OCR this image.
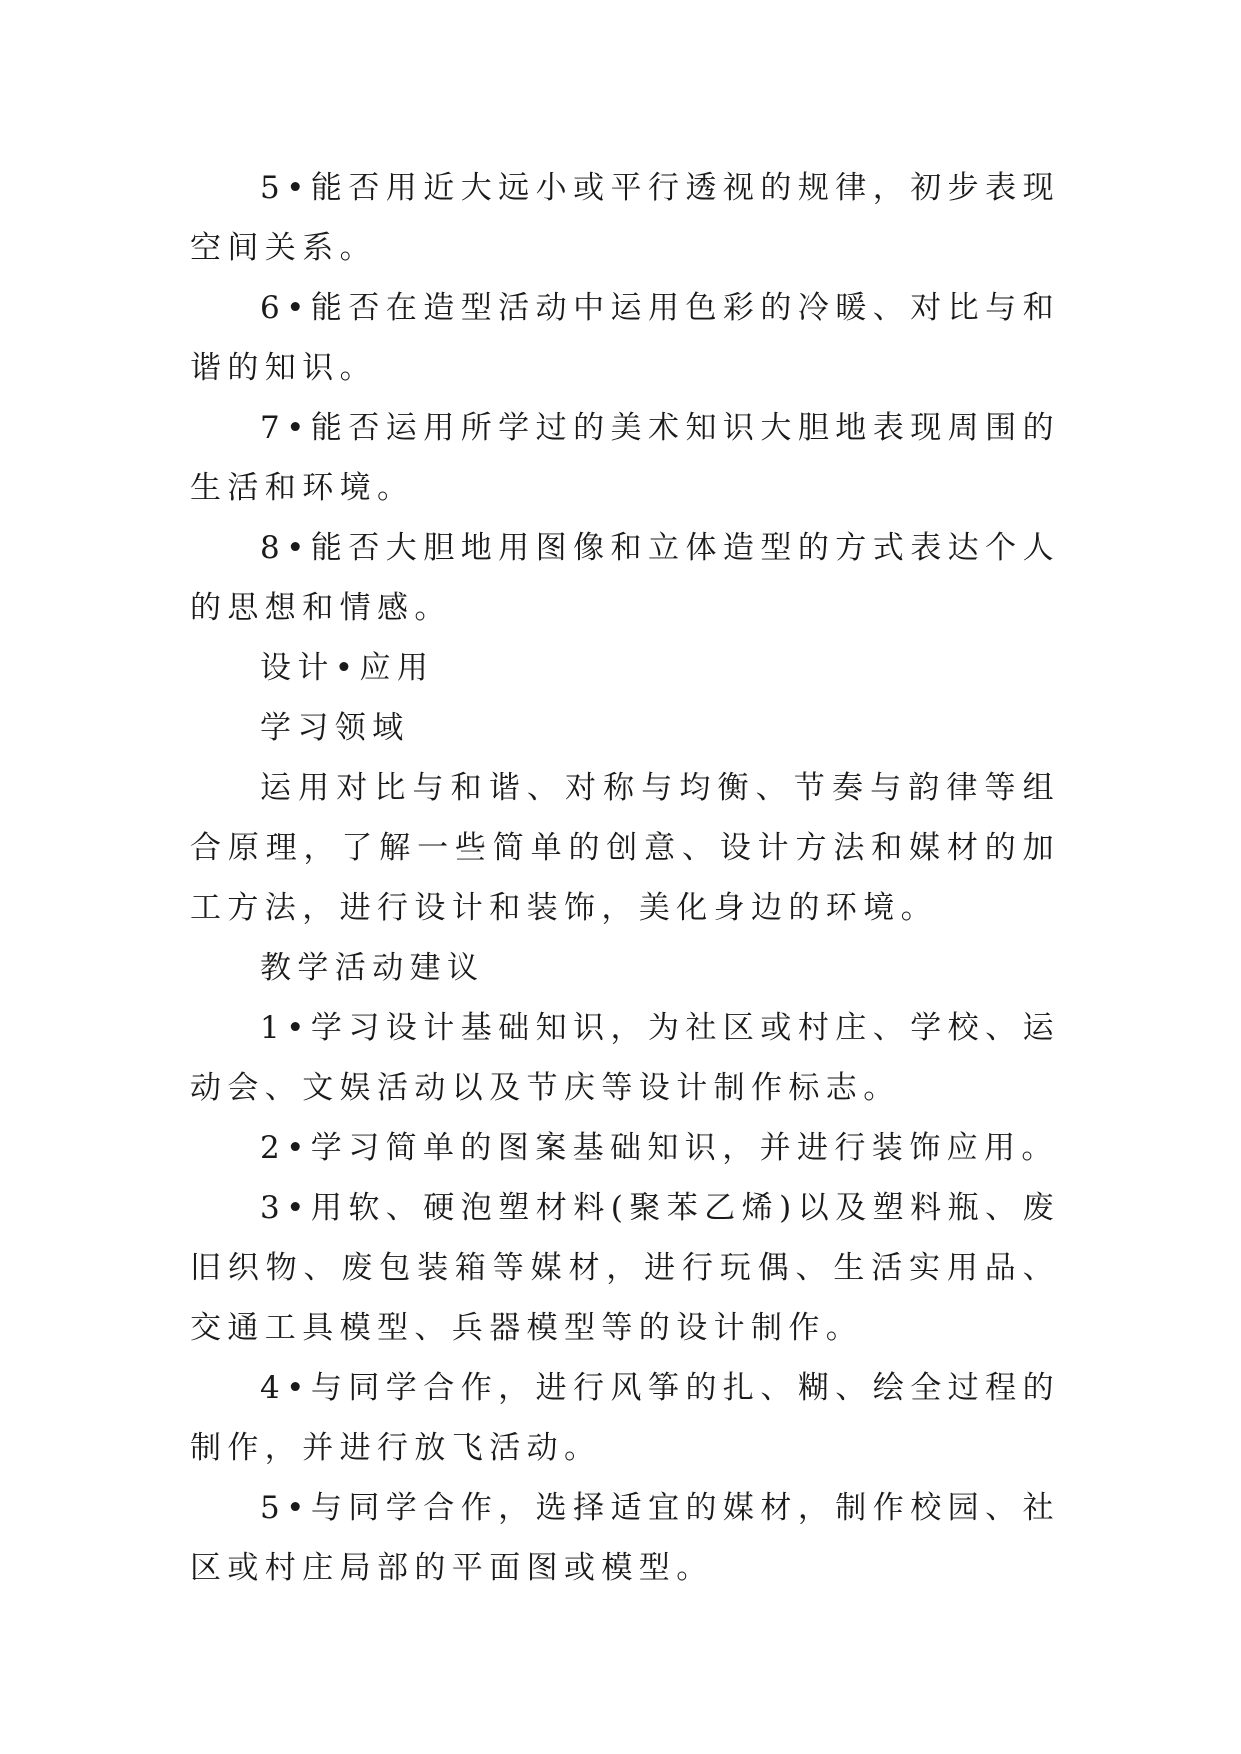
5•能否用近大远小或平行透视的规律，初步表现空间关系。

6•能否在造型活动中运用色彩的冷暖、对比与和谐的知识。

7•能否运用所学过的美术知识大胆地表现周围的生活和环境。

8•能否大胆地用图像和立体造型的方式表达个人的思想和情感。

设计•应用

学习领域

运用对比与和谐、对称与均衡、节奏与韵律等组合原理，了解一些简单的创意、设计方法和媒材的加工方法，进行设计和装饰，美化身边的环境。

教学活动建议

1•学习设计基础知识，为社区或村庄、学校、运动会、文娱活动以及节庆等设计制作标志。

2•学习简单的图案基础知识，并进行装饰应用。

3•用软、硬泡塑材料(聚苯乙烯)以及塑料瓶、废旧织物、废包装箱等媒材，进行玩偶、生活实用品、交通工具模型、兵器模型等的设计制作。

4•与同学合作，进行风筝的扎、糊、绘全过程的制作，并进行放飞活动。

5•与同学合作，选择适宜的媒材，制作校园、社区或村庄局部的平面图或模型。
